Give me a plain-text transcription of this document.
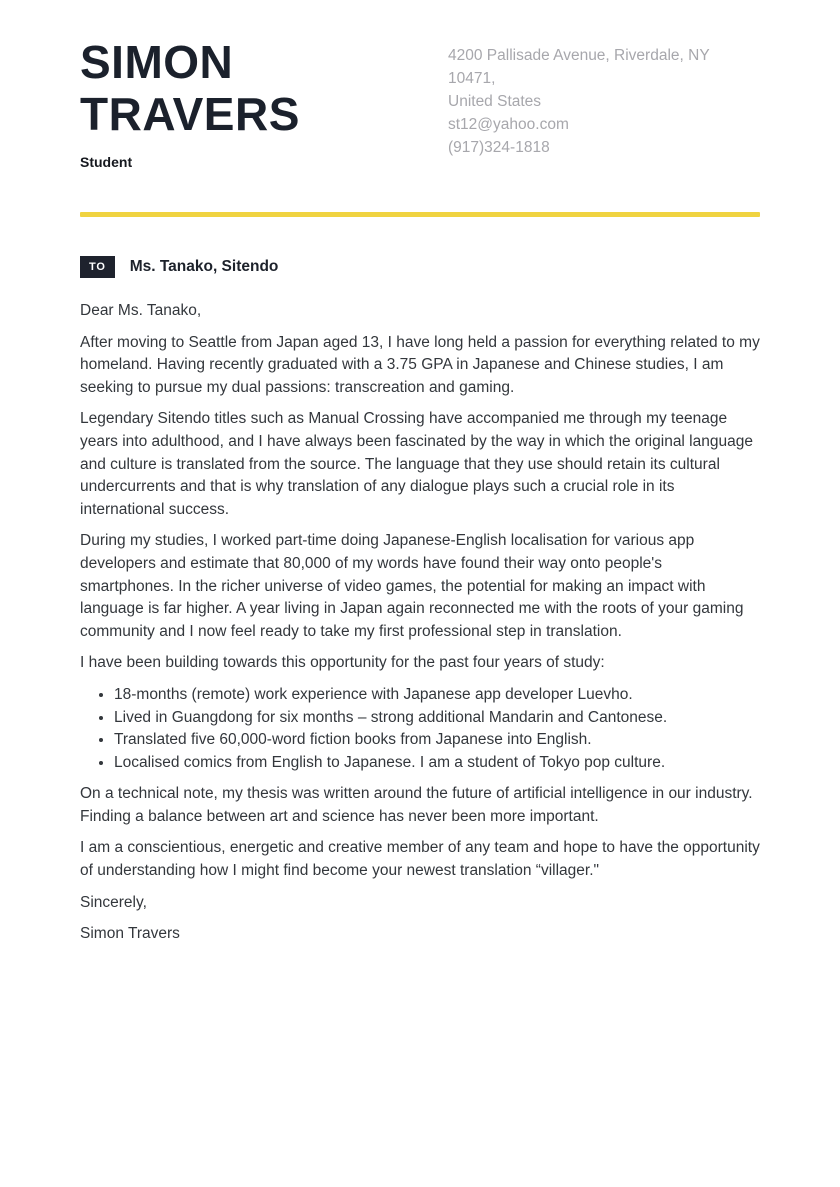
SIMON
TRAVERS
Student
4200 Pallisade Avenue, Riverdale, NY 10471,
United States
st12@yahoo.com
(917)324-1818
TO	Ms. Tanako, Sitendo

Dear Ms. Tanako,

After moving to Seattle from Japan aged 13, I have long held a passion for everything related to my homeland. Having recently graduated with a 3.75 GPA in Japanese and Chinese studies, I am seeking to pursue my dual passions: transcreation and gaming.

Legendary Sitendo titles such as Manual Crossing have accompanied me through my teenage years into adulthood, and I have always been fascinated by the way in which the original language and culture is translated from the source. The language that they use should retain its cultural undercurrents and that is why translation of any dialogue plays such a crucial role in its international success.

During my studies, I worked part-time doing Japanese-English localisation for various app developers and estimate that 80,000 of my words have found their way onto people's smartphones. In the richer universe of video games, the potential for making an impact with language is far higher. A year living in Japan again reconnected me with the roots of your gaming community and I now feel ready to take my first professional step in translation.

I have been building towards this opportunity for the past four years of study:

• 18-months (remote) work experience with Japanese app developer Luevho.
• Lived in Guangdong for six months – strong additional Mandarin and Cantonese.
• Translated five 60,000-word fiction books from Japanese into English.
• Localised comics from English to Japanese. I am a student of Tokyo pop culture.

On a technical note, my thesis was written around the future of artificial intelligence in our industry. Finding a balance between art and science has never been more important.

I am a conscientious, energetic and creative member of any team and hope to have the opportunity of understanding how I might find become your newest translation “villager."

Sincerely,

Simon Travers
